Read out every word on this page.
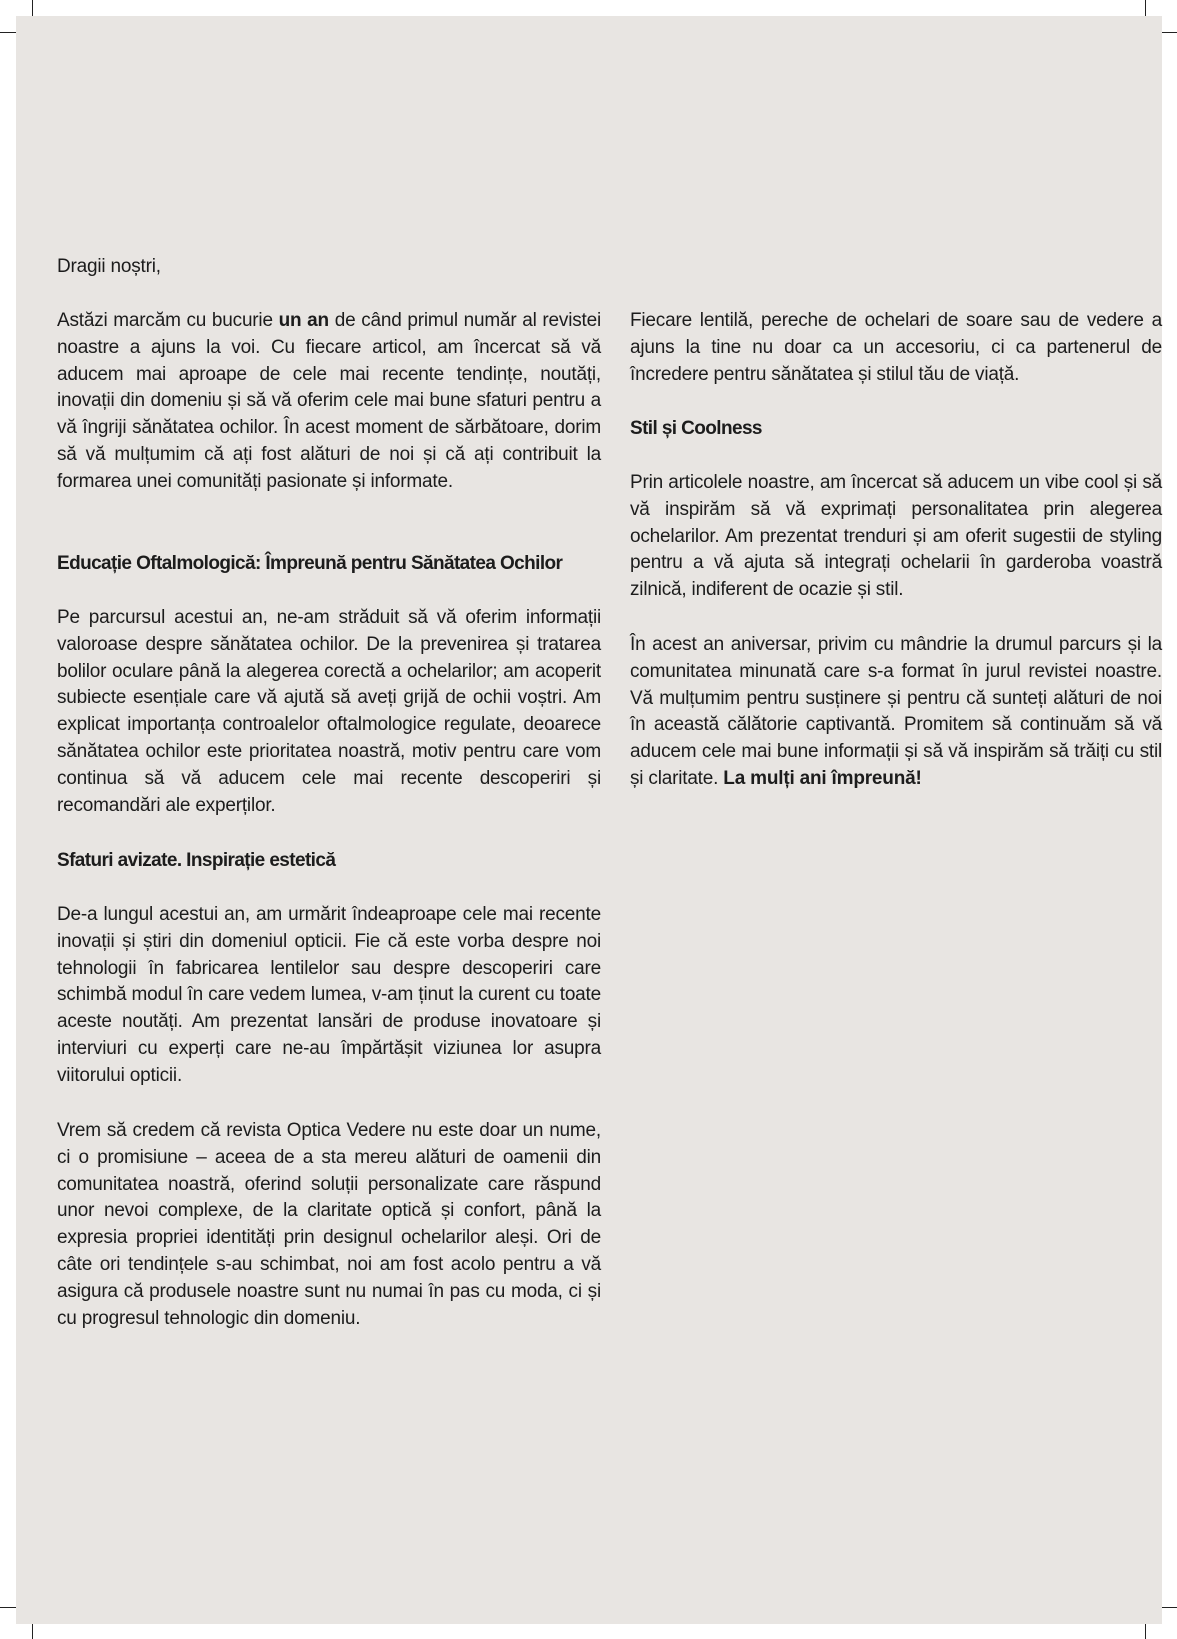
Dragii noștri,

Astăzi marcăm cu bucurie un an de când primul număr al revistei noastre a ajuns la voi. Cu fiecare articol, am încercat să vă aducem mai aproape de cele mai recente tendințe, noutăți, inovații din domeniu și să vă oferim cele mai bune sfaturi pentru a vă îngriji sănătatea ochilor. În acest moment de sărbătoare, dorim să vă mulțumim că ați fost alături de noi și că ați contribuit la formarea unei comunități pasionate și informate.

Educație Oftalmologică: Împreună pentru Sănătatea Ochilor

Pe parcursul acestui an, ne-am străduit să vă oferim informații valoroase despre sănătatea ochilor. De la prevenirea și tratarea bolilor oculare până la alegerea corectă a ochelarilor; am acoperit subiecte esențiale care vă ajută să aveți grijă de ochii voștri. Am explicat importanța controalelor oftalmologice regulate, deoarece sănătatea ochilor este prioritatea noastră, motiv pentru care vom continua să vă aducem cele mai recente descoperiri și recomandări ale experților.

Sfaturi avizate. Inspirație estetică

De-a lungul acestui an, am urmărit îndeaproape cele mai recente inovații și știri din domeniul opticii. Fie că este vorba despre noi tehnologii în fabricarea lentilelor sau despre descoperiri care schimbă modul în care vedem lumea, v-am ținut la curent cu toate aceste noutăți. Am prezentat lansări de produse inovatoare și interviuri cu experți care ne-au împărtășit viziunea lor asupra viitorului opticii.

Vrem să credem că revista Optica Vedere nu este doar un nume, ci o promisiune – aceea de a sta mereu alături de oamenii din comunitatea noastră, oferind soluții personalizate care răspund unor nevoi complexe, de la claritate optică și confort, până la expresia propriei identități prin designul ochelarilor aleși. Ori de câte ori tendințele s-au schimbat, noi am fost acolo pentru a vă asigura că produsele noastre sunt nu numai în pas cu moda, ci și cu progresul tehnologic din domeniu.

Fiecare lentilă, pereche de ochelari de soare sau de vedere a ajuns la tine nu doar ca un accesoriu, ci ca partenerul de încredere pentru sănătatea și stilul tău de viață.

Stil și Coolness

Prin articolele noastre, am încercat să aducem un vibe cool și să vă inspirăm să vă exprimați personalitatea prin alegerea ochelarilor. Am prezentat trenduri și am oferit sugestii de styling pentru a vă ajuta să integrați ochelarii în garderoba voastră zilnică, indiferent de ocazie și stil.

În acest an aniversar, privim cu mândrie la drumul parcurs și la comunitatea minunată care s-a format în jurul revistei noastre. Vă mulțumim pentru susținere și pentru că sunteți alături de noi în această călătorie captivantă. Promitem să continuăm să vă aducem cele mai bune informații și să vă inspirăm să trăiți cu stil și claritate. La mulți ani împreună!
